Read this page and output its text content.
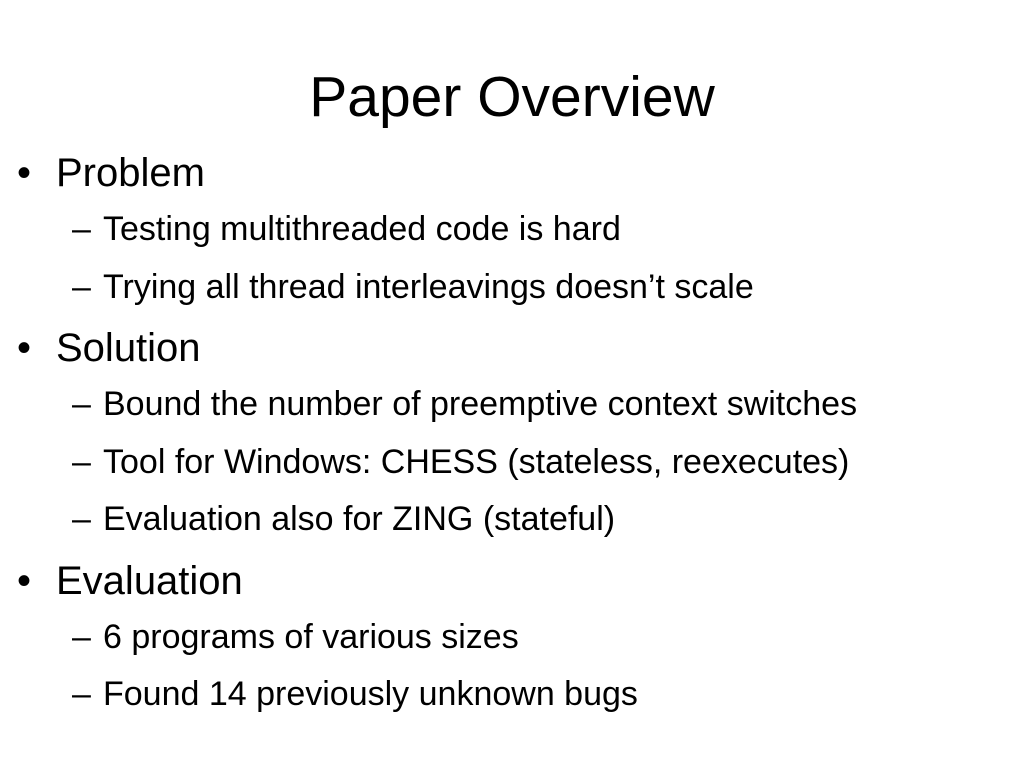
Paper Overview
• Problem
– Testing multithreaded code is hard
– Trying all thread interleavings doesn’t scale
• Solution
– Bound the number of preemptive context switches
– Tool for Windows: CHESS (stateless, reexecutes)
– Evaluation also for ZING (stateful)
• Evaluation
– 6 programs of various sizes
– Found 14 previously unknown bugs
